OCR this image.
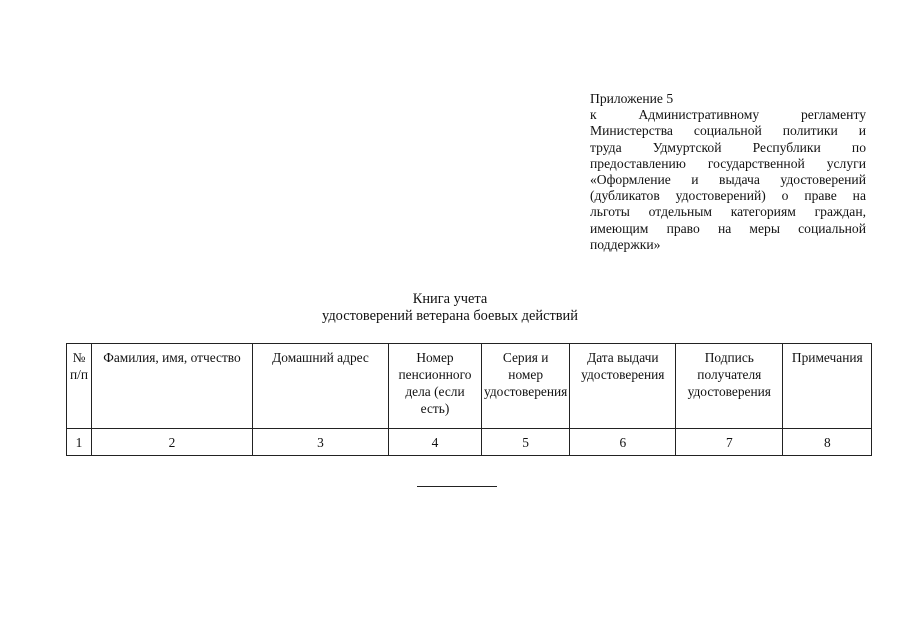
Приложение 5
к Административному регламенту
Министерства социальной политики и
труда Удмуртской Республики по
предоставлению государственной услуги
«Оформление и выдача удостоверений
(дубликатов удостоверений) о праве на
льготы отдельным категориям граждан,
имеющим право на меры социальной
поддержки»
Книга учета
удостоверений ветерана боевых действий
№ п/п	Фамилия, имя, отчество	Домашний адрес	Номер пенсионного дела (если есть)	Серия и номер удостоверения	Дата выдачи удостоверения	Подпись получателя удостоверения	Примечания

1	2	3	4	5	6	7	8
